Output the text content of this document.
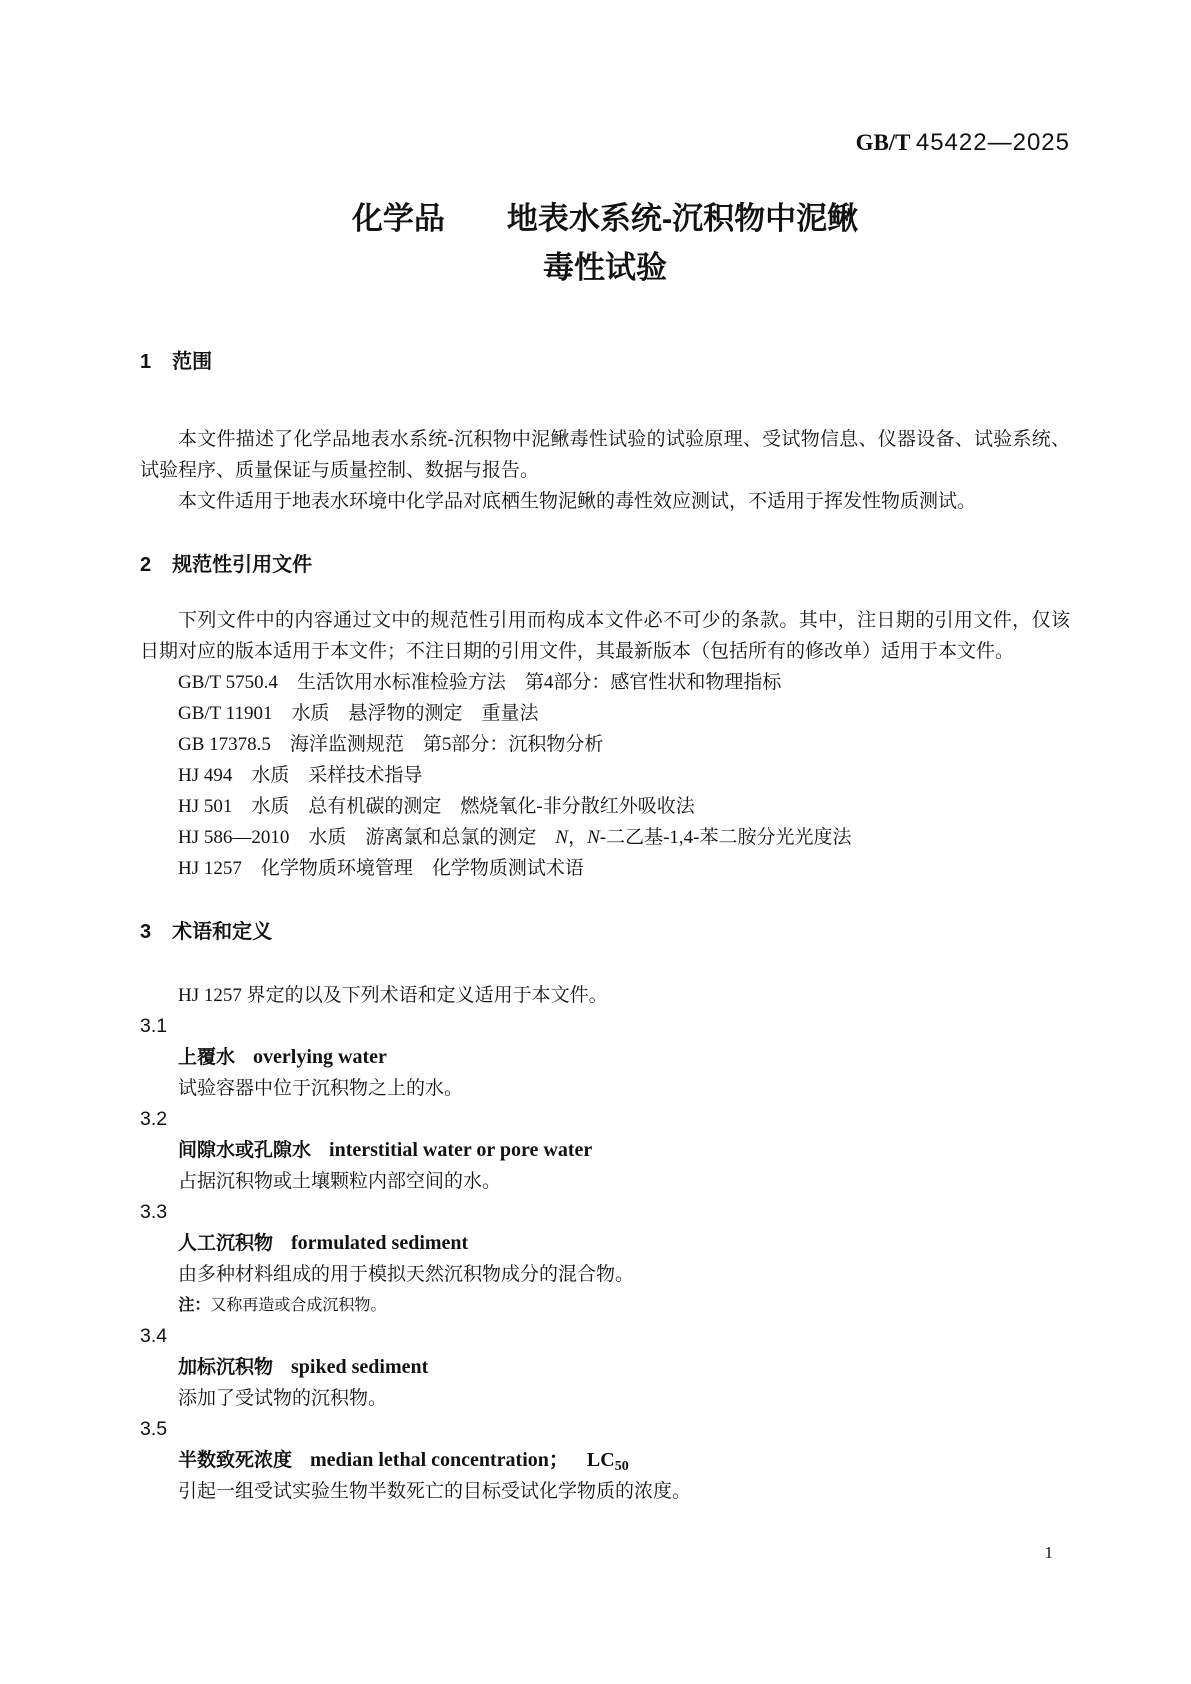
GB/T 45422—2025

化学品　　地表水系统-沉积物中泥鳅

毒性试验

1 范围

本文件描述了化学品地表水系统-沉积物中泥鳅毒性试验的试验原理、受试物信息、仪器设备、试验系统、试验程序、质量保证与质量控制、数据与报告。

本文件适用于地表水环境中化学品对底栖生物泥鳅的毒性效应测试，不适用于挥发性物质测试。

2 规范性引用文件

下列文件中的内容通过文中的规范性引用而构成本文件必不可少的条款。其中，注日期的引用文件，仅该日期对应的版本适用于本文件；不注日期的引用文件，其最新版本（包括所有的修改单）适用于本文件。

GB/T 5750.4　生活饮用水标准检验方法　第4部分：感官性状和物理指标

GB/T 11901　水质　悬浮物的测定　重量法

GB 17378.5　海洋监测规范　第5部分：沉积物分析

HJ 494　水质　采样技术指导

HJ 501　水质　总有机碳的测定　燃烧氧化-非分散红外吸收法

HJ 586—2010　水质　游离氯和总氯的测定　N，N-二乙基-1,4-苯二胺分光光度法

HJ 1257　化学物质环境管理　化学物质测试术语

3 术语和定义

HJ 1257 界定的以及下列术语和定义适用于本文件。

3.1

上覆水 overlying water

试验容器中位于沉积物之上的水。

3.2

间隙水或孔隙水 interstitial water or pore water

占据沉积物或土壤颗粒内部空间的水。

3.3

人工沉积物 formulated sediment

由多种材料组成的用于模拟天然沉积物成分的混合物。

注：又称再造或合成沉积物。

3.4

加标沉积物 spiked sediment

添加了受试物的沉积物。

3.5

半数致死浓度 median lethal concentration； $LC_{50}$

引起一组受试实验生物半数死亡的目标受试化学物质的浓度。

1
